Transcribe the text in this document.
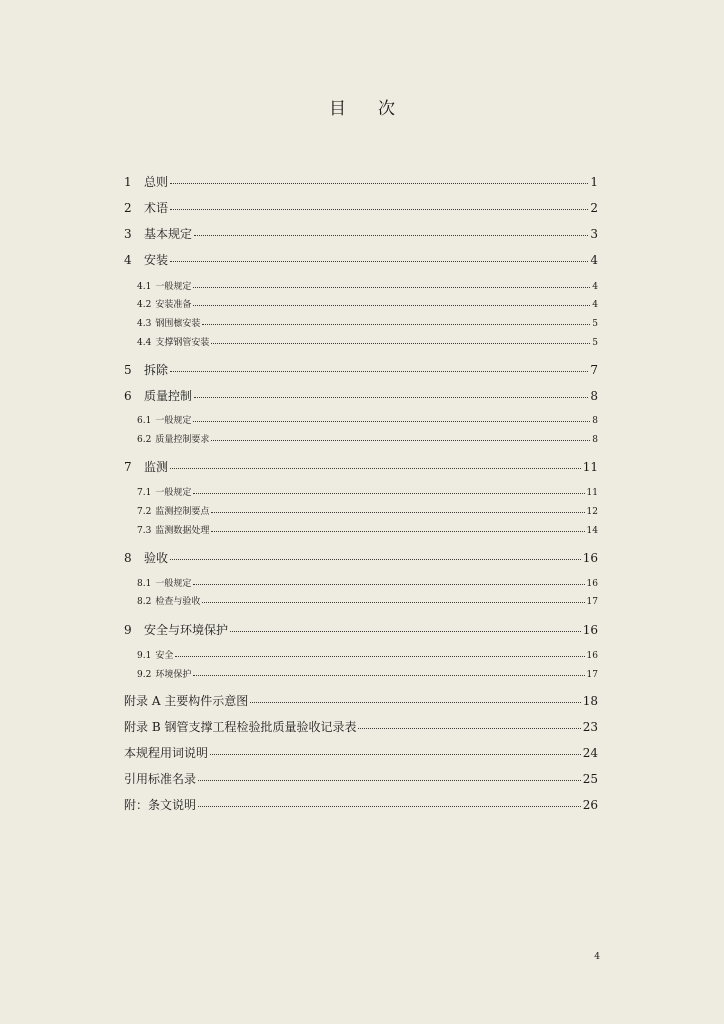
目 次
1	总则	1
2	术语	2
3	基本规定	3
4	安装	4
4.1 一般规定	4
4.2 安装准备	4
4.3 钢围檩安装	5
4.4 支撑钢管安装	5
5	拆除	7
6	质量控制	8
6.1 一般规定	8
6.2 质量控制要求	8
7	监测	11
7.1 一般规定	11
7.2 监测控制要点	12
7.3 监测数据处理	14
8	验收	16
8.1 一般规定	16
8.2 检查与验收	17
9	安全与环境保护	16
9.1 安全	16
9.2 环境保护	17
附录 A 主要构件示意图	18
附录 B 钢管支撑工程检验批质量验收记录表	23
本规程用词说明	24
引用标准名录	25
附：条文说明	26
4
